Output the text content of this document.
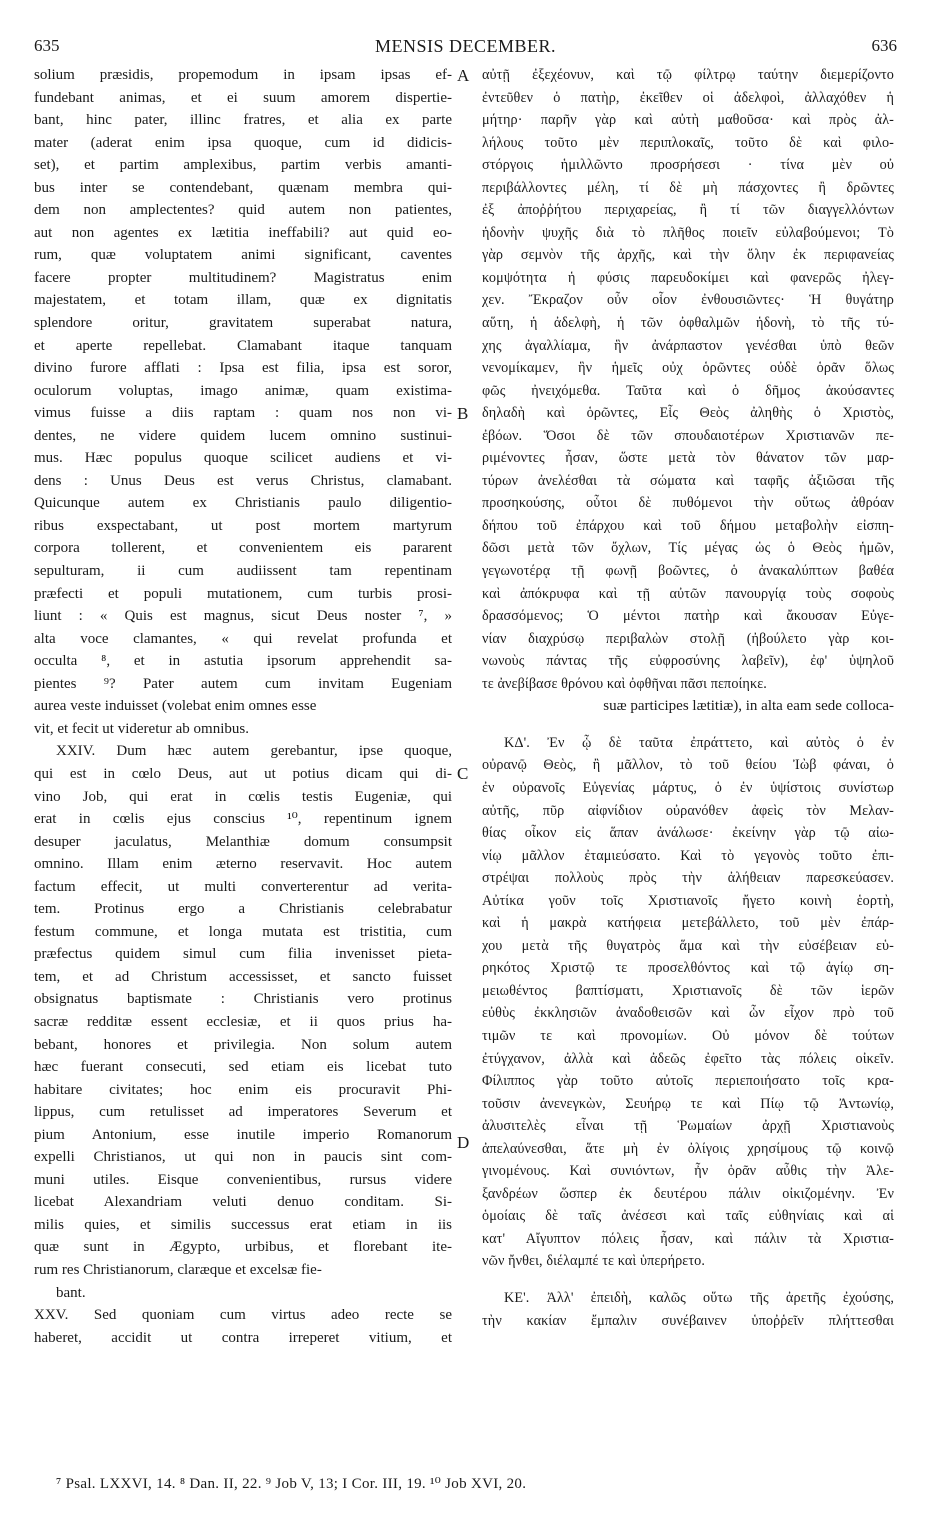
635	MENSIS DECEMBER.	636
solium præsidis, propemodum in ipsam ipsas ef-
fundebant animas, et ei suum amorem dispertie-
bant, hinc pater, illinc fratres, et alia ex parte
mater (aderat enim ipsa quoque, cum id didicis-
set), et partim amplexibus, partim verbis amanti-
bus inter se contendebant, quænam membra qui-
dem non amplectentes? quid autem non patientes,
aut non agentes ex lætitia ineffabili? aut quid eo-
rum, quæ voluptatem animi significant, caventes
facere propter multitudinem? Magistratus enim
majestatem, et totam illam, quæ ex dignitatis
splendore oritur, gravitatem superabat natura,
et aperte repellebat. Clamabant itaque tanquam
divino furore afflati : Ipsa est filia, ipsa est soror,
oculorum voluptas, imago animæ, quam existima-
vimus fuisse a diis raptam : quam nos non vi-
dentes, ne videre quidem lucem omnino sustinui-
mus. Hæc populus quoque scilicet audiens et vi-
dens : Unus Deus est verus Christus, clamabant.
Quicunque autem ex Christianis paulo diligentio-
ribus exspectabant, ut post mortem martyrum
corpora tollerent, et convenientem eis pararent
sepulturam, ii cum audiissent tam repentinam
præfecti et populi mutationem, cum turbis prosi-
liunt : « Quis est magnus, sicut Deus noster ⁷, »
alta voce clamantes, « qui revelat profunda et
occulta ⁸, et in astutia ipsorum apprehendit sa-
pientes ⁹? Pater autem cum invitam Eugeniam
aurea veste induisset (volebat enim omnes esse	suæ participes lætitiæ), in alta eam sede colloca-
vit, et fecit ut videretur ab omnibus.
XXIV. Dum hæc autem gerebantur, ipse quoque,
qui est in cœlo Deus, aut ut potius dicam qui di-
vino Job, qui erat in cœlis testis Eugeniæ, qui
erat in cœlis ejus conscius ¹⁰, repentinum ignem
desuper jaculatus, Melanthiæ domum consumpsit
omnino. Illam enim æterno reservavit. Hoc autem
factum effecit, ut multi converterentur ad verita-
tem. Protinus ergo a Christianis celebrabatur
festum commune, et longa mutata est tristitia, cum
præfectus quidem simul cum filia invenisset pieta-
tem, et ad Christum accessisset, et sancto fuisset
obsignatus baptismate : Christianis vero protinus
sacræ redditæ essent ecclesiæ, et ii quos prius ha-
bebant, honores et privilegia. Non solum autem
hæc fuerant consecuti, sed etiam eis licebat tuto
habitare civitates; hoc enim eis procuravit Phi-
lippus, cum retulisset ad imperatores Severum et
pium Antonium, esse inutile imperio Romanorum
expelli Christianos, ut qui non in paucis sint com-
muni utiles. Eisque convenientibus, rursus videre
licebat Alexandriam veluti denuo conditam. Si-
milis quies, et similis successus erat etiam in iis
quæ sunt in Ægypto, urbibus, et florebant ite-
rum res Christianorum, claræque et excelsæ fie-
bant.
XXV. Sed quoniam cum virtus adeo recte se
haberet, accidit ut contra irreperet vitium, et
αὐτῇ ἐξεχέονυν, καὶ τῷ φίλτρῳ ταύτην διεμερίζοντο
ἐντεῦθεν ὁ πατὴρ, ἐκεῖθεν οἱ ἀδελφοὶ, ἀλλαχόθεν ἡ
μήτηρ· παρῆν γὰρ καὶ αὐτὴ μαθοῦσα· καὶ πρὸς ἀλ-
λήλους τοῦτο μὲν περιπλοκαῖς, τοῦτο δὲ καὶ φιλο-
στόργοις ἡμιλλῶντο προσρήσεσι · τίνα μὲν οὐ
περιβάλλοντες μέλη, τί δὲ μὴ πάσχοντες ἢ δρῶντες
ἐξ ἀποῤῥήτου περιχαρείας, ἢ τί τῶν διαγγελλόντων
ἡδονὴν ψυχῆς διὰ τὸ πλῆθος ποιεῖν εὐλαβούμενοι; Τὸ
γὰρ σεμνὸν τῆς ἀρχῆς, καὶ τὴν ὅλην ἐκ περιφανείας
κομψότητα ἡ φύσις παρευδοκίμει καὶ φανερῶς ἠλεγ-
χεν. Ἔκραζον οὖν οἷον ἐνθουσιῶντες· Ἡ θυγάτηρ
αὕτη, ἡ ἀδελφὴ, ἡ τῶν ὀφθαλμῶν ἡδονὴ, τὸ τῆς τύ-
χης ἀγαλλίαμα, ἣν ἀνάρπαστον γενέσθαι ὑπὸ θεῶν
νενομίκαμεν, ἣν ἡμεῖς οὐχ ὁρῶντες οὐδὲ ὁρᾶν ὅλως
φῶς ἠνειχόμεθα. Ταῦτα καὶ ὁ δῆμος ἀκούσαντες
δηλαδὴ καὶ ὁρῶντες, Εἷς Θεὸς ἀληθὴς ὁ Χριστὸς,
ἐβόων. Ὅσοι δὲ τῶν σπουδαιοτέρων Χριστιανῶν πε-
ριμένοντες ἦσαν, ὥστε μετὰ τὸν θάνατον τῶν μαρ-
τύρων ἀνελέσθαι τὰ σώματα καὶ ταφῆς ἀξιῶσαι τῆς
προσηκούσης, οὗτοι δὲ πυθόμενοι τὴν οὕτως ἀθρόαν
δήπου τοῦ ἐπάρχου καὶ τοῦ δήμου μεταβολὴν εἰσπη-
δῶσι μετὰ τῶν ὄχλων, Τίς μέγας ὡς ὁ Θεὸς ἡμῶν,
γεγωνοτέρᾳ τῇ φωνῇ βοῶντες, ὁ ἀνακαλύπτων βαθέα
καὶ ἀπόκρυφα καὶ τῇ αὐτῶν πανουργίᾳ τοὺς σοφοὺς
δρασσόμενος; Ὁ μέντοι πατὴρ καὶ ἄκουσαν Εὐγε-
νίαν διαχρύσῳ περιβαλὼν στολῇ (ἠβούλετο γὰρ κοι-
νωνοὺς πάντας τῆς εὐφροσύνης λαβεῖν), ἐφ' ὑψηλοῦ
τε ἀνεβίβασε θρόνου καὶ ὀφθῆναι πᾶσι πεποίηκε.

ΚΔ'. Ἐν ᾧ δὲ ταῦτα ἐπράττετο, καὶ αὐτὸς ὁ ἐν
οὐρανῷ Θεὸς, ἢ μᾶλλον, τὸ τοῦ θείου Ἰὼβ φάναι, ὁ
ἐν οὐρανοῖς Εὐγενίας μάρτυς, ὁ ἐν ὑψίστοις συνίστωρ
αὐτῆς, πῦρ αἰφνίδιον οὐρανόθεν ἀφεὶς τὸν Μελαν-
θίας οἶκον εἰς ἅπαν ἀνάλωσε· ἐκείνην γὰρ τῷ αἰω-
νίῳ μᾶλλον ἐταμιεύσατο. Καὶ τὸ γεγονὸς τοῦτο ἐπι-
στρέψαι πολλοὺς πρὸς τὴν ἀλήθειαν παρεσκεύασεν.
Αὐτίκα γοῦν τοῖς Χριστιανοῖς ἤγετο κοινὴ ἑορτὴ,
καὶ ἡ μακρὰ κατήφεια μετεβάλλετο, τοῦ μὲν ἐπάρ-
χου μετὰ τῆς θυγατρὸς ἅμα καὶ τὴν εὐσέβειαν εὑ-
ρηκότος Χριστῷ τε προσελθόντος καὶ τῷ ἁγίῳ ση-
μειωθέντος βαπτίσματι, Χριστιανοῖς δὲ τῶν ἱερῶν
εὐθὺς ἐκκλησιῶν ἀναδοθεισῶν καὶ ὧν εἶχον πρὸ τοῦ
τιμῶν τε καὶ προνομίων. Οὐ μόνον δὲ τούτων
ἐτύγχανον, ἀλλὰ καὶ ἀδεῶς ἐφεῖτο τὰς πόλεις οἰκεῖν.
Φίλιππος γὰρ τοῦτο αὐτοῖς περιεποιήσατο τοῖς κρα-
τοῦσιν ἀνενεγκὼν, Σευήρῳ τε καὶ Πίῳ τῷ Ἀντωνίῳ,
ἀλυσιτελὲς εἶναι τῇ Ῥωμαίων ἀρχῇ Χριστιανοὺς
ἀπελαύνεσθαι, ἅτε μὴ ἐν ὀλίγοις χρησίμους τῷ κοινῷ
γινομένους. Καὶ συνιόντων, ἦν ὁρᾶν αὖθις τὴν Ἀλε-
ξανδρέων ὥσπερ ἐκ δευτέρου πάλιν οἰκιζομένην. Ἐν
ὁμοίαις δὲ ταῖς ἀνέσεσι καὶ ταῖς εὐθηνίαις καὶ αἱ
κατ' Αἴγυπτον πόλεις ἦσαν, καὶ πάλιν τὰ Χριστια-
νῶν ἤνθει, διέλαμπέ τε καὶ ὑπερήρετο.
ΚΕ'. Ἀλλ' ἐπειδὴ, καλῶς οὕτω τῆς ἀρετῆς ἐχούσης,
τὴν κακίαν ἔμπαλιν συνέβαινεν ὑποῤῥεῖν πλήττεσθαι
A
B
C
D
⁷ Psal. LXXVI, 14. ⁸ Dan. II, 22. ⁹ Job V, 13; I Cor. III, 19. ¹⁰ Job XVI, 20.
